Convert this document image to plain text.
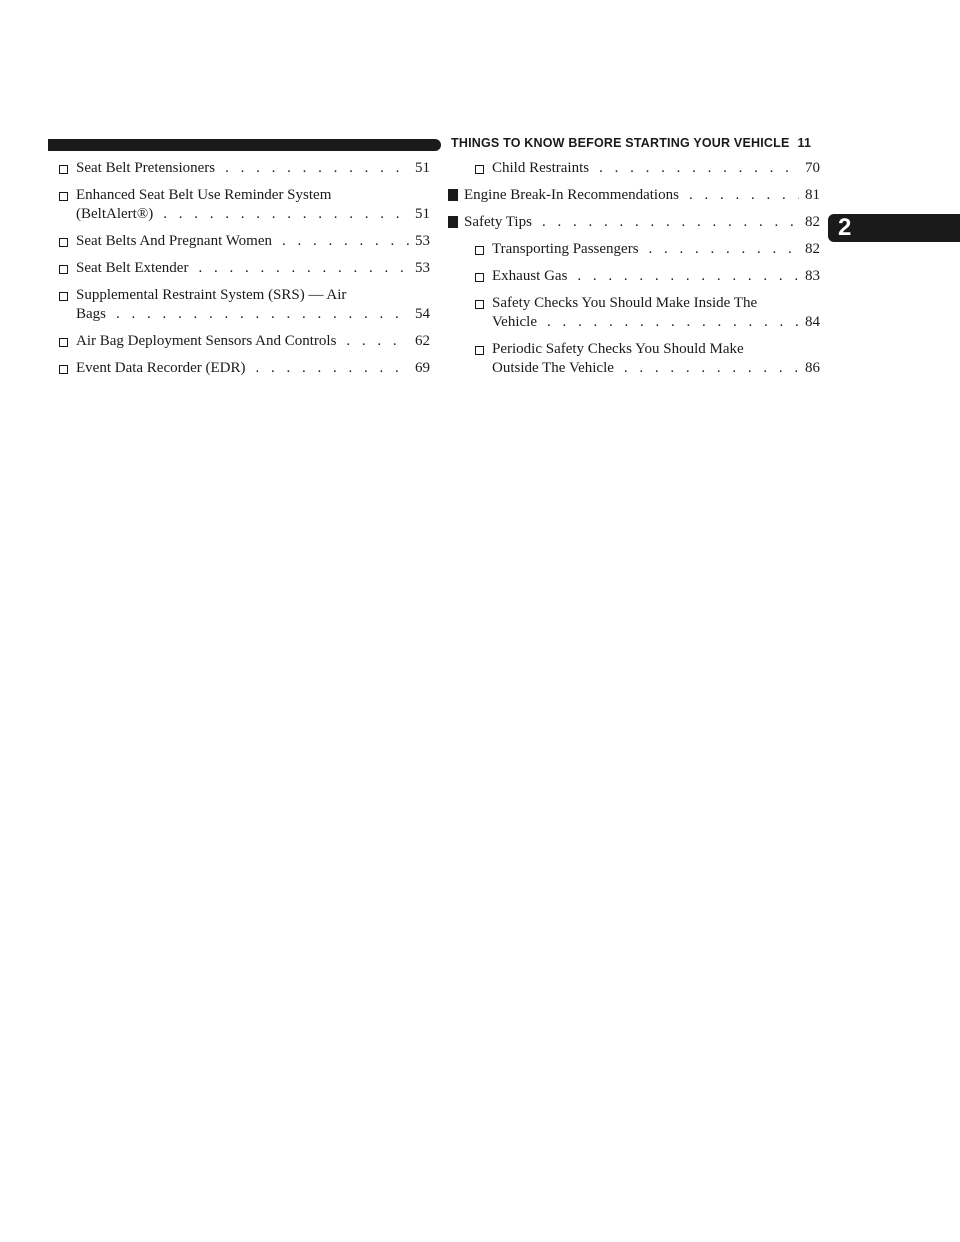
THINGS TO KNOW BEFORE STARTING YOUR VEHICLE 11
2
Seat Belt Pretensioners . . .	51
Enhanced Seat Belt Use Reminder System
(BeltAlert®) . . .	51
Seat Belts And Pregnant Women . . .	53
Seat Belt Extender . . .	53
Supplemental Restraint System (SRS) — Air
Bags . . .	54
Air Bag Deployment Sensors And Controls . . .	62
Event Data Recorder (EDR) . . .	69
Child Restraints . . .	70
Engine Break-In Recommendations . . .	81
Safety Tips . . .	82
Transporting Passengers . . .	82
Exhaust Gas . . .	83
Safety Checks You Should Make Inside The
Vehicle . . .	84
Periodic Safety Checks You Should Make
Outside The Vehicle . . .	86
